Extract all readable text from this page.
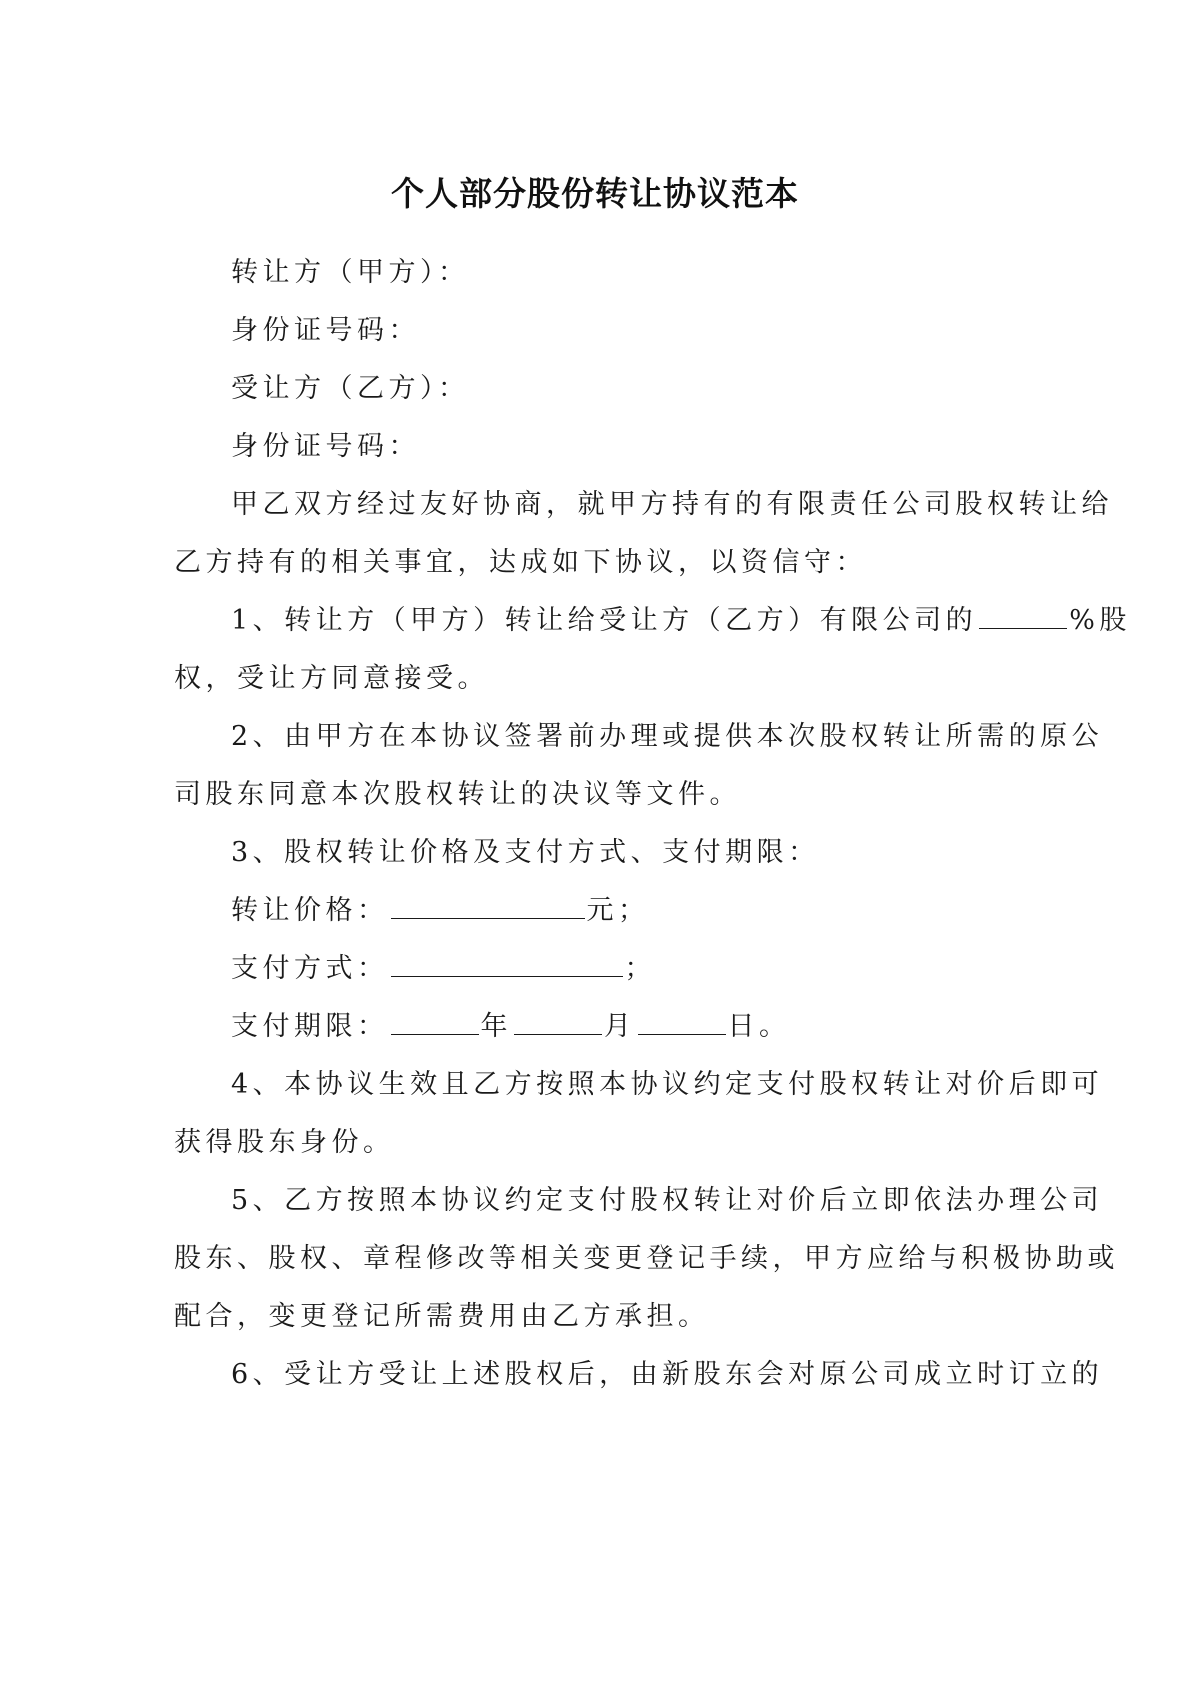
个人部分股份转让协议范本
转让方（甲方）：
身份证号码：
受让方（乙方）：
身份证号码：
甲乙双方经过友好协商，就甲方持有的有限责任公司股权转让给
乙方持有的相关事宜，达成如下协议，以资信守：
1、转让方（甲方）转让给受让方（乙方）有限公司的	%股
权，受让方同意接受。
2、由甲方在本协议签署前办理或提供本次股权转让所需的原公
司股东同意本次股权转让的决议等文件。
3、股权转让价格及支付方式、支付期限：
转让价格：	元；
支付方式：	；
支付期限：	年	月	日。
4、本协议生效且乙方按照本协议约定支付股权转让对价后即可
获得股东身份。
5、乙方按照本协议约定支付股权转让对价后立即依法办理公司
股东、股权、章程修改等相关变更登记手续，甲方应给与积极协助或
配合，变更登记所需费用由乙方承担。
6、受让方受让上述股权后，由新股东会对原公司成立时订立的
